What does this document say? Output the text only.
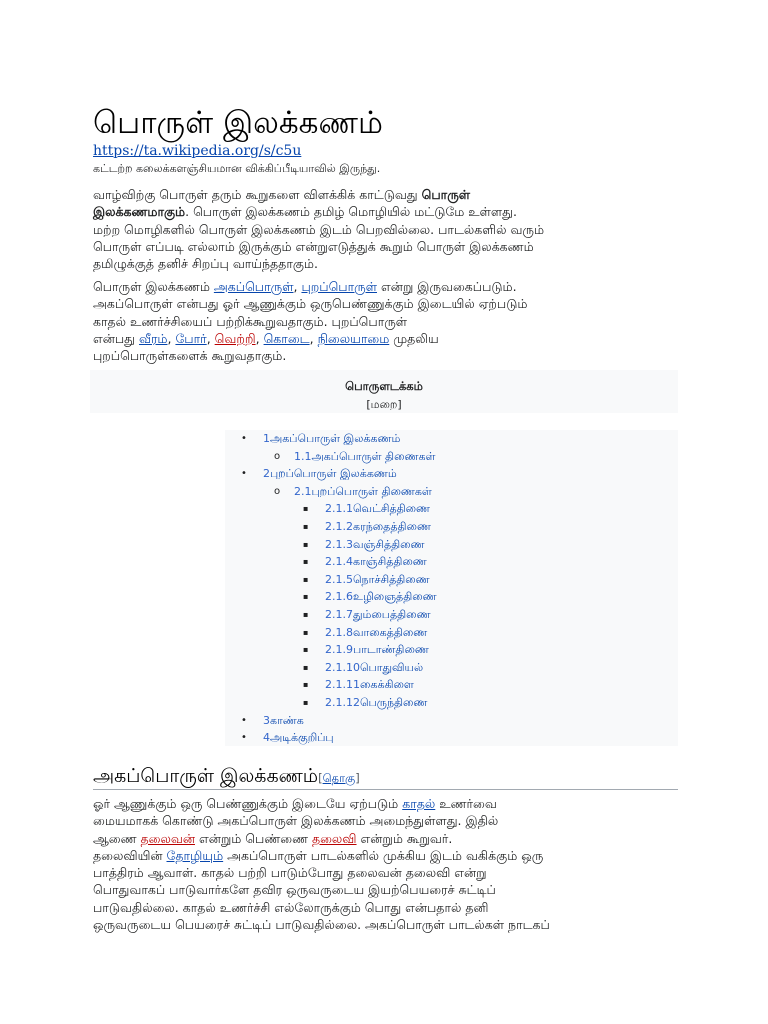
பொருள் இலக்கணம்
https://ta.wikipedia.org/s/c5u
கட்டற்ற கலைக்களஞ்சியமான விக்கிப்பீடியாவில் இருந்து.

வாழ்விற்கு பொருள் தரும் கூறுகளை விளக்கிக் காட்டுவது பொருள்
இலக்கணமாகும். பொருள் இலக்கணம் தமிழ் மொழியில் மட்டுமே உள்ளது.
மற்ற மொழிகளில் பொருள் இலக்கணம் இடம் பெறவில்லை. பாடல்களில் வரும்
பொருள் எப்படி எல்லாம் இருக்கும் என்றுஎடுத்துக் கூறும் பொருள் இலக்கணம்
தமிழுக்குத் தனிச் சிறப்பு வாய்ந்ததாகும்.

பொருள் இலக்கணம் அகப்பொருள், புறப்பொருள் என்று இருவகைப்படும்.
அகப்பொருள் என்பது ஓர் ஆணுக்கும் ஒருபெண்ணுக்கும் இடையில் ஏற்படும்
காதல் உணர்ச்சியைப் பற்றிக்கூறுவதாகும். புறப்பொருள்
என்பது வீரம், போர், வெற்றி, கொடை, நிலையாமை முதலிய
புறப்பொருள்களைக் கூறுவதாகும்.

பொருளடக்கம்
[மறை]
• 1அகப்பொருள் இலக்கணம்
o 1.1அகப்பொருள் திணைகள்
• 2புறப்பொருள் இலக்கணம்
o 2.1புறப்பொருள் திணைகள்
▪ 2.1.1வெட்சித்திணை
▪ 2.1.2கரந்தைத்திணை
▪ 2.1.3வஞ்சித்திணை
▪ 2.1.4காஞ்சித்திணை
▪ 2.1.5நொச்சித்திணை
▪ 2.1.6உழிஞைத்திணை
▪ 2.1.7தும்பைத்திணை
▪ 2.1.8வாகைத்திணை
▪ 2.1.9பாடாண்திணை
▪ 2.1.10பொதுவியல்
▪ 2.1.11கைக்கிளை
▪ 2.1.12பெருந்திணை
• 3காண்க
• 4அடிக்குறிப்பு
அகப்பொருள் இலக்கணம்[தொகு]

ஓர் ஆணுக்கும் ஒரு பெண்ணுக்கும் இடையே ஏற்படும் காதல் உணர்வை
மையமாகக் கொண்டு அகப்பொருள் இலக்கணம் அமைந்துள்ளது. இதில்
ஆணை தலைவன் என்றும் பெண்ணை தலைவி என்றும் கூறுவர்.
தலைவியின் தோழியும் அகப்பொருள் பாடல்களில் முக்கிய இடம் வகிக்கும் ஒரு
பாத்திரம் ஆவாள். காதல் பற்றி பாடும்போது தலைவன் தலைவி என்று
பொதுவாகப் பாடுவார்களே தவிர ஒருவருடைய இயற்பெயரைச் சுட்டிப்
பாடுவதில்லை. காதல் உணர்ச்சி எல்லோருக்கும் பொது என்பதால் தனி
ஒருவருடைய பெயரைச் சுட்டிப் பாடுவதில்லை. அகப்பொருள் பாடல்கள் நாடகப்
